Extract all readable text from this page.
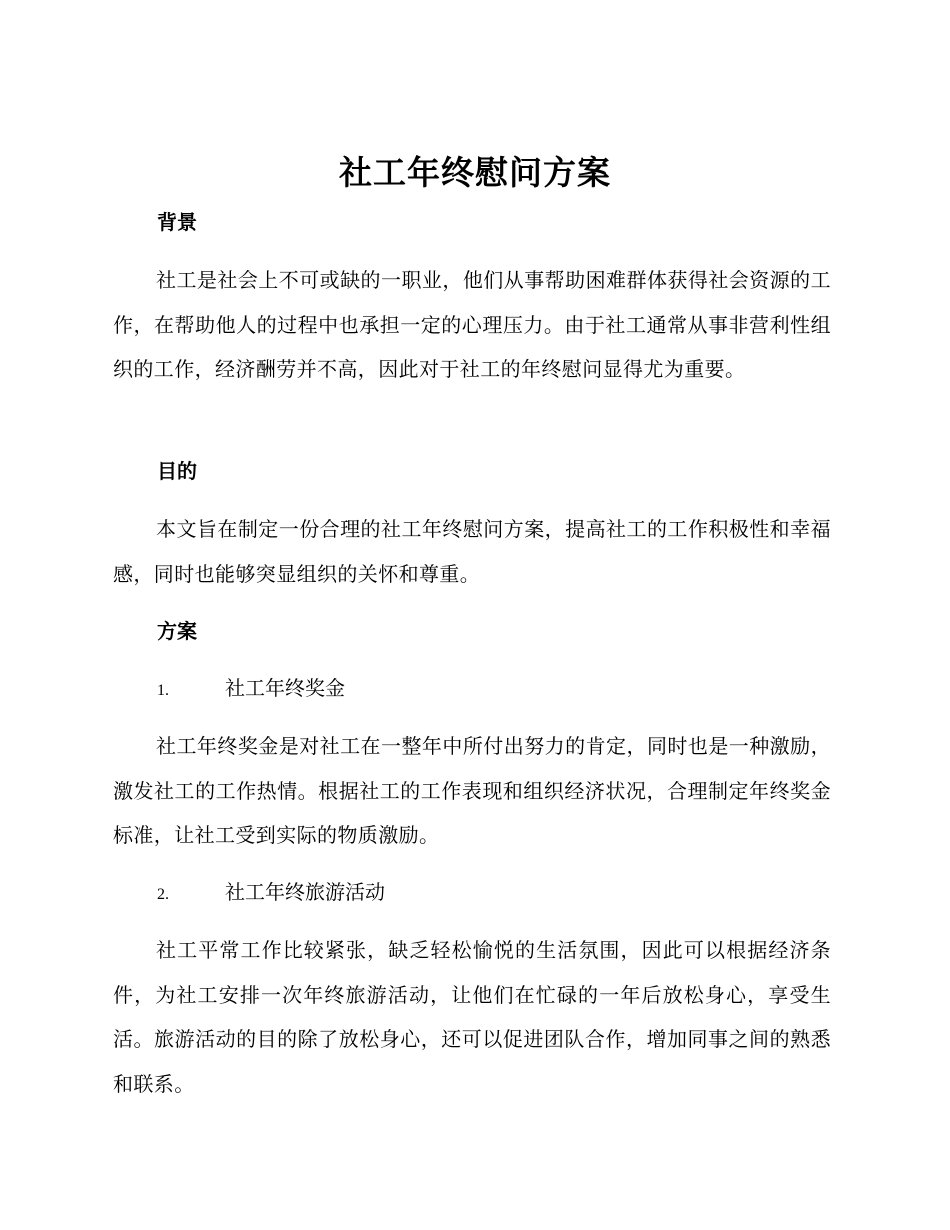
社工年终慰问方案
背景
社工是社会上不可或缺的一职业，他们从事帮助困难群体获得社会资源的工作，在帮助他人的过程中也承担一定的心理压力。由于社工通常从事非营利性组织的工作，经济酬劳并不高，因此对于社工的年终慰问显得尤为重要。
目的
本文旨在制定一份合理的社工年终慰问方案，提高社工的工作积极性和幸福感，同时也能够突显组织的关怀和尊重。
方案
1.	社工年终奖金
社工年终奖金是对社工在一整年中所付出努力的肯定，同时也是一种激励，激发社工的工作热情。根据社工的工作表现和组织经济状况，合理制定年终奖金标准，让社工受到实际的物质激励。
2.	社工年终旅游活动
社工平常工作比较紧张，缺乏轻松愉悦的生活氛围，因此可以根据经济条件，为社工安排一次年终旅游活动，让他们在忙碌的一年后放松身心，享受生活。旅游活动的目的除了放松身心，还可以促进团队合作，增加同事之间的熟悉和联系。
